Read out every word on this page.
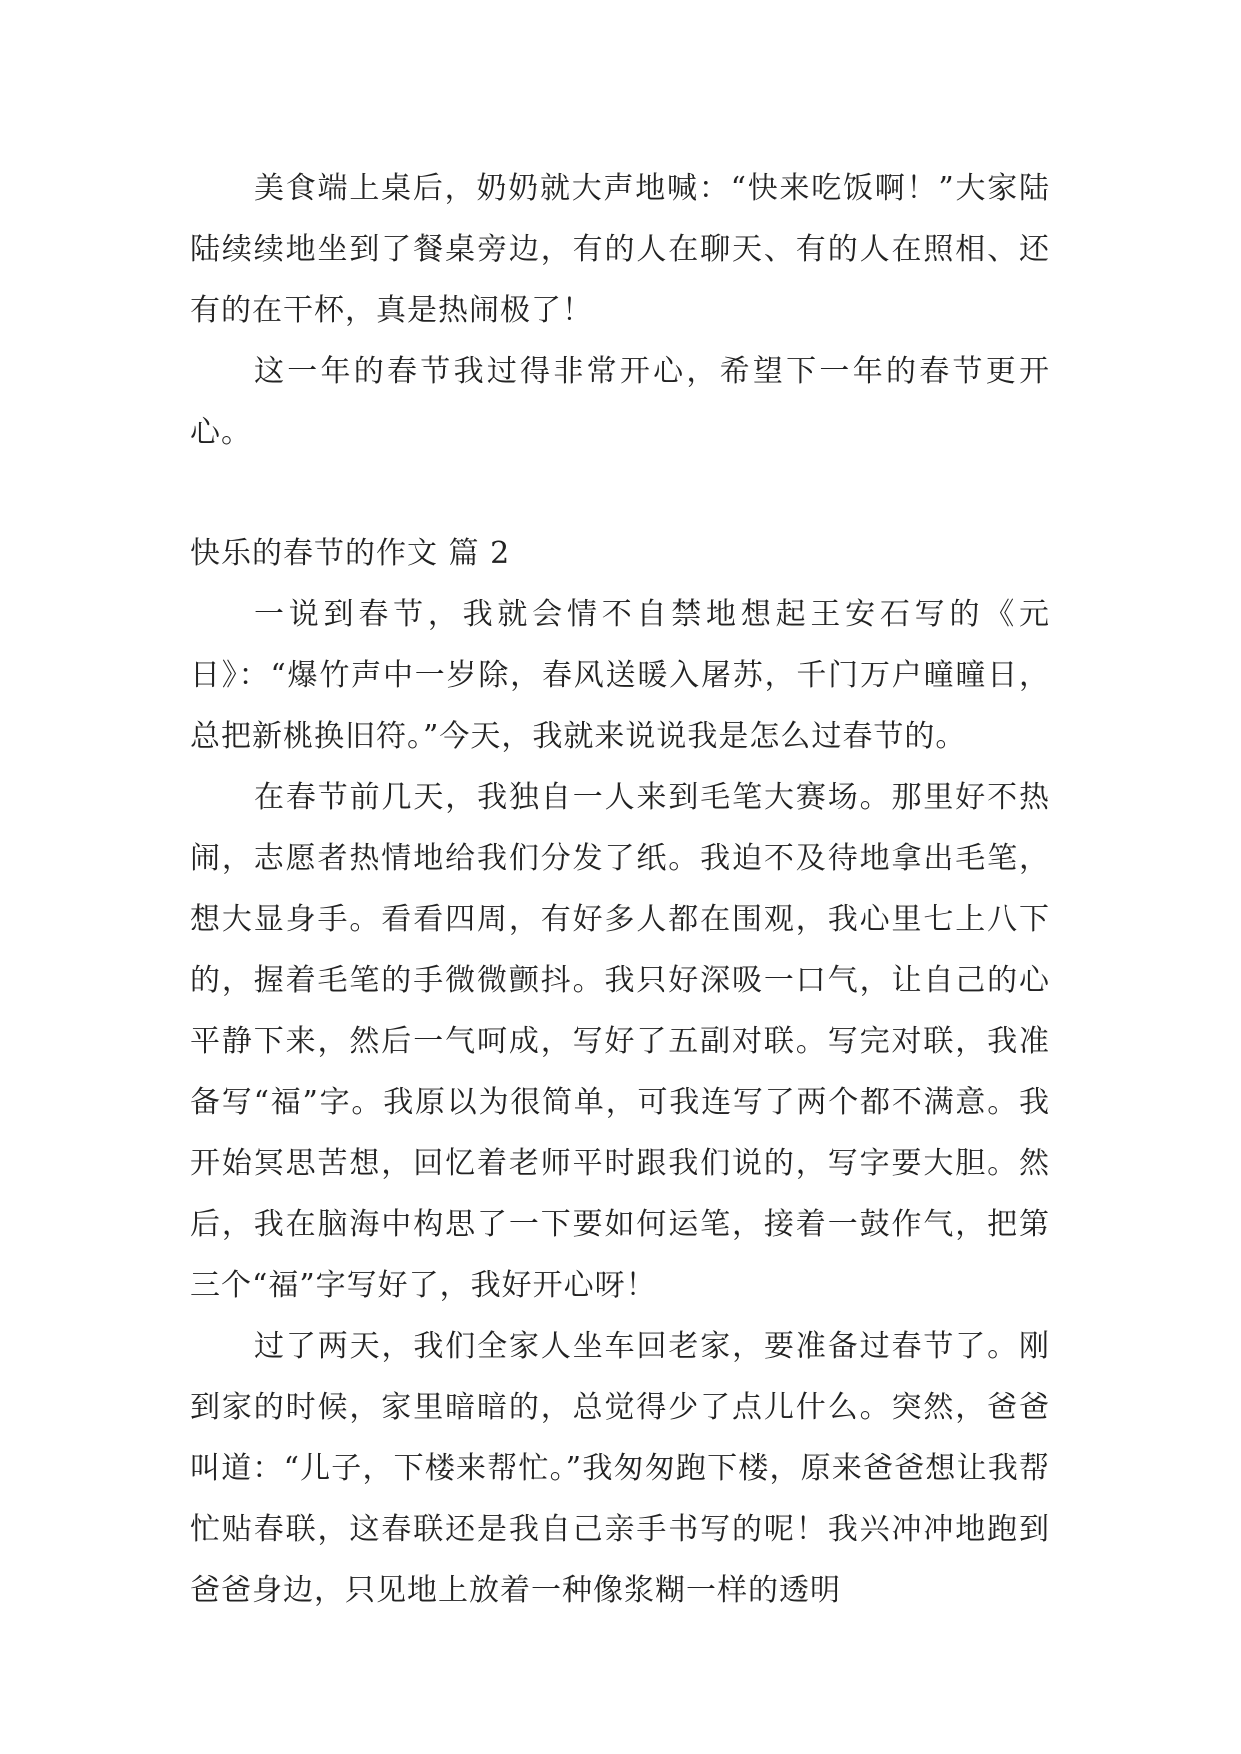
美食端上桌后，奶奶就大声地喊：“快来吃饭啊！”大家陆陆续续地坐到了餐桌旁边，有的人在聊天、有的人在照相、还有的在干杯，真是热闹极了！

这一年的春节我过得非常开心，希望下一年的春节更开心。

快乐的春节的作文 篇 2

一说到春节，我就会情不自禁地想起王安石写的《元日》：“爆竹声中一岁除，春风送暖入屠苏，千门万户曈曈日，总把新桃换旧符。”今天，我就来说说我是怎么过春节的。

在春节前几天，我独自一人来到毛笔大赛场。那里好不热闹，志愿者热情地给我们分发了纸。我迫不及待地拿出毛笔，想大显身手。看看四周，有好多人都在围观，我心里七上八下的，握着毛笔的手微微颤抖。我只好深吸一口气，让自己的心平静下来，然后一气呵成，写好了五副对联。写完对联，我准备写“福”字。我原以为很简单，可我连写了两个都不满意。我开始冥思苦想，回忆着老师平时跟我们说的，写字要大胆。然后，我在脑海中构思了一下要如何运笔，接着一鼓作气，把第三个“福”字写好了，我好开心呀！

过了两天，我们全家人坐车回老家，要准备过春节了。刚到家的时候，家里暗暗的，总觉得少了点儿什么。突然，爸爸叫道：“儿子，下楼来帮忙。”我匆匆跑下楼，原来爸爸想让我帮忙贴春联，这春联还是我自己亲手书写的呢！我兴冲冲地跑到爸爸身边，只见地上放着一种像浆糊一样的透明
